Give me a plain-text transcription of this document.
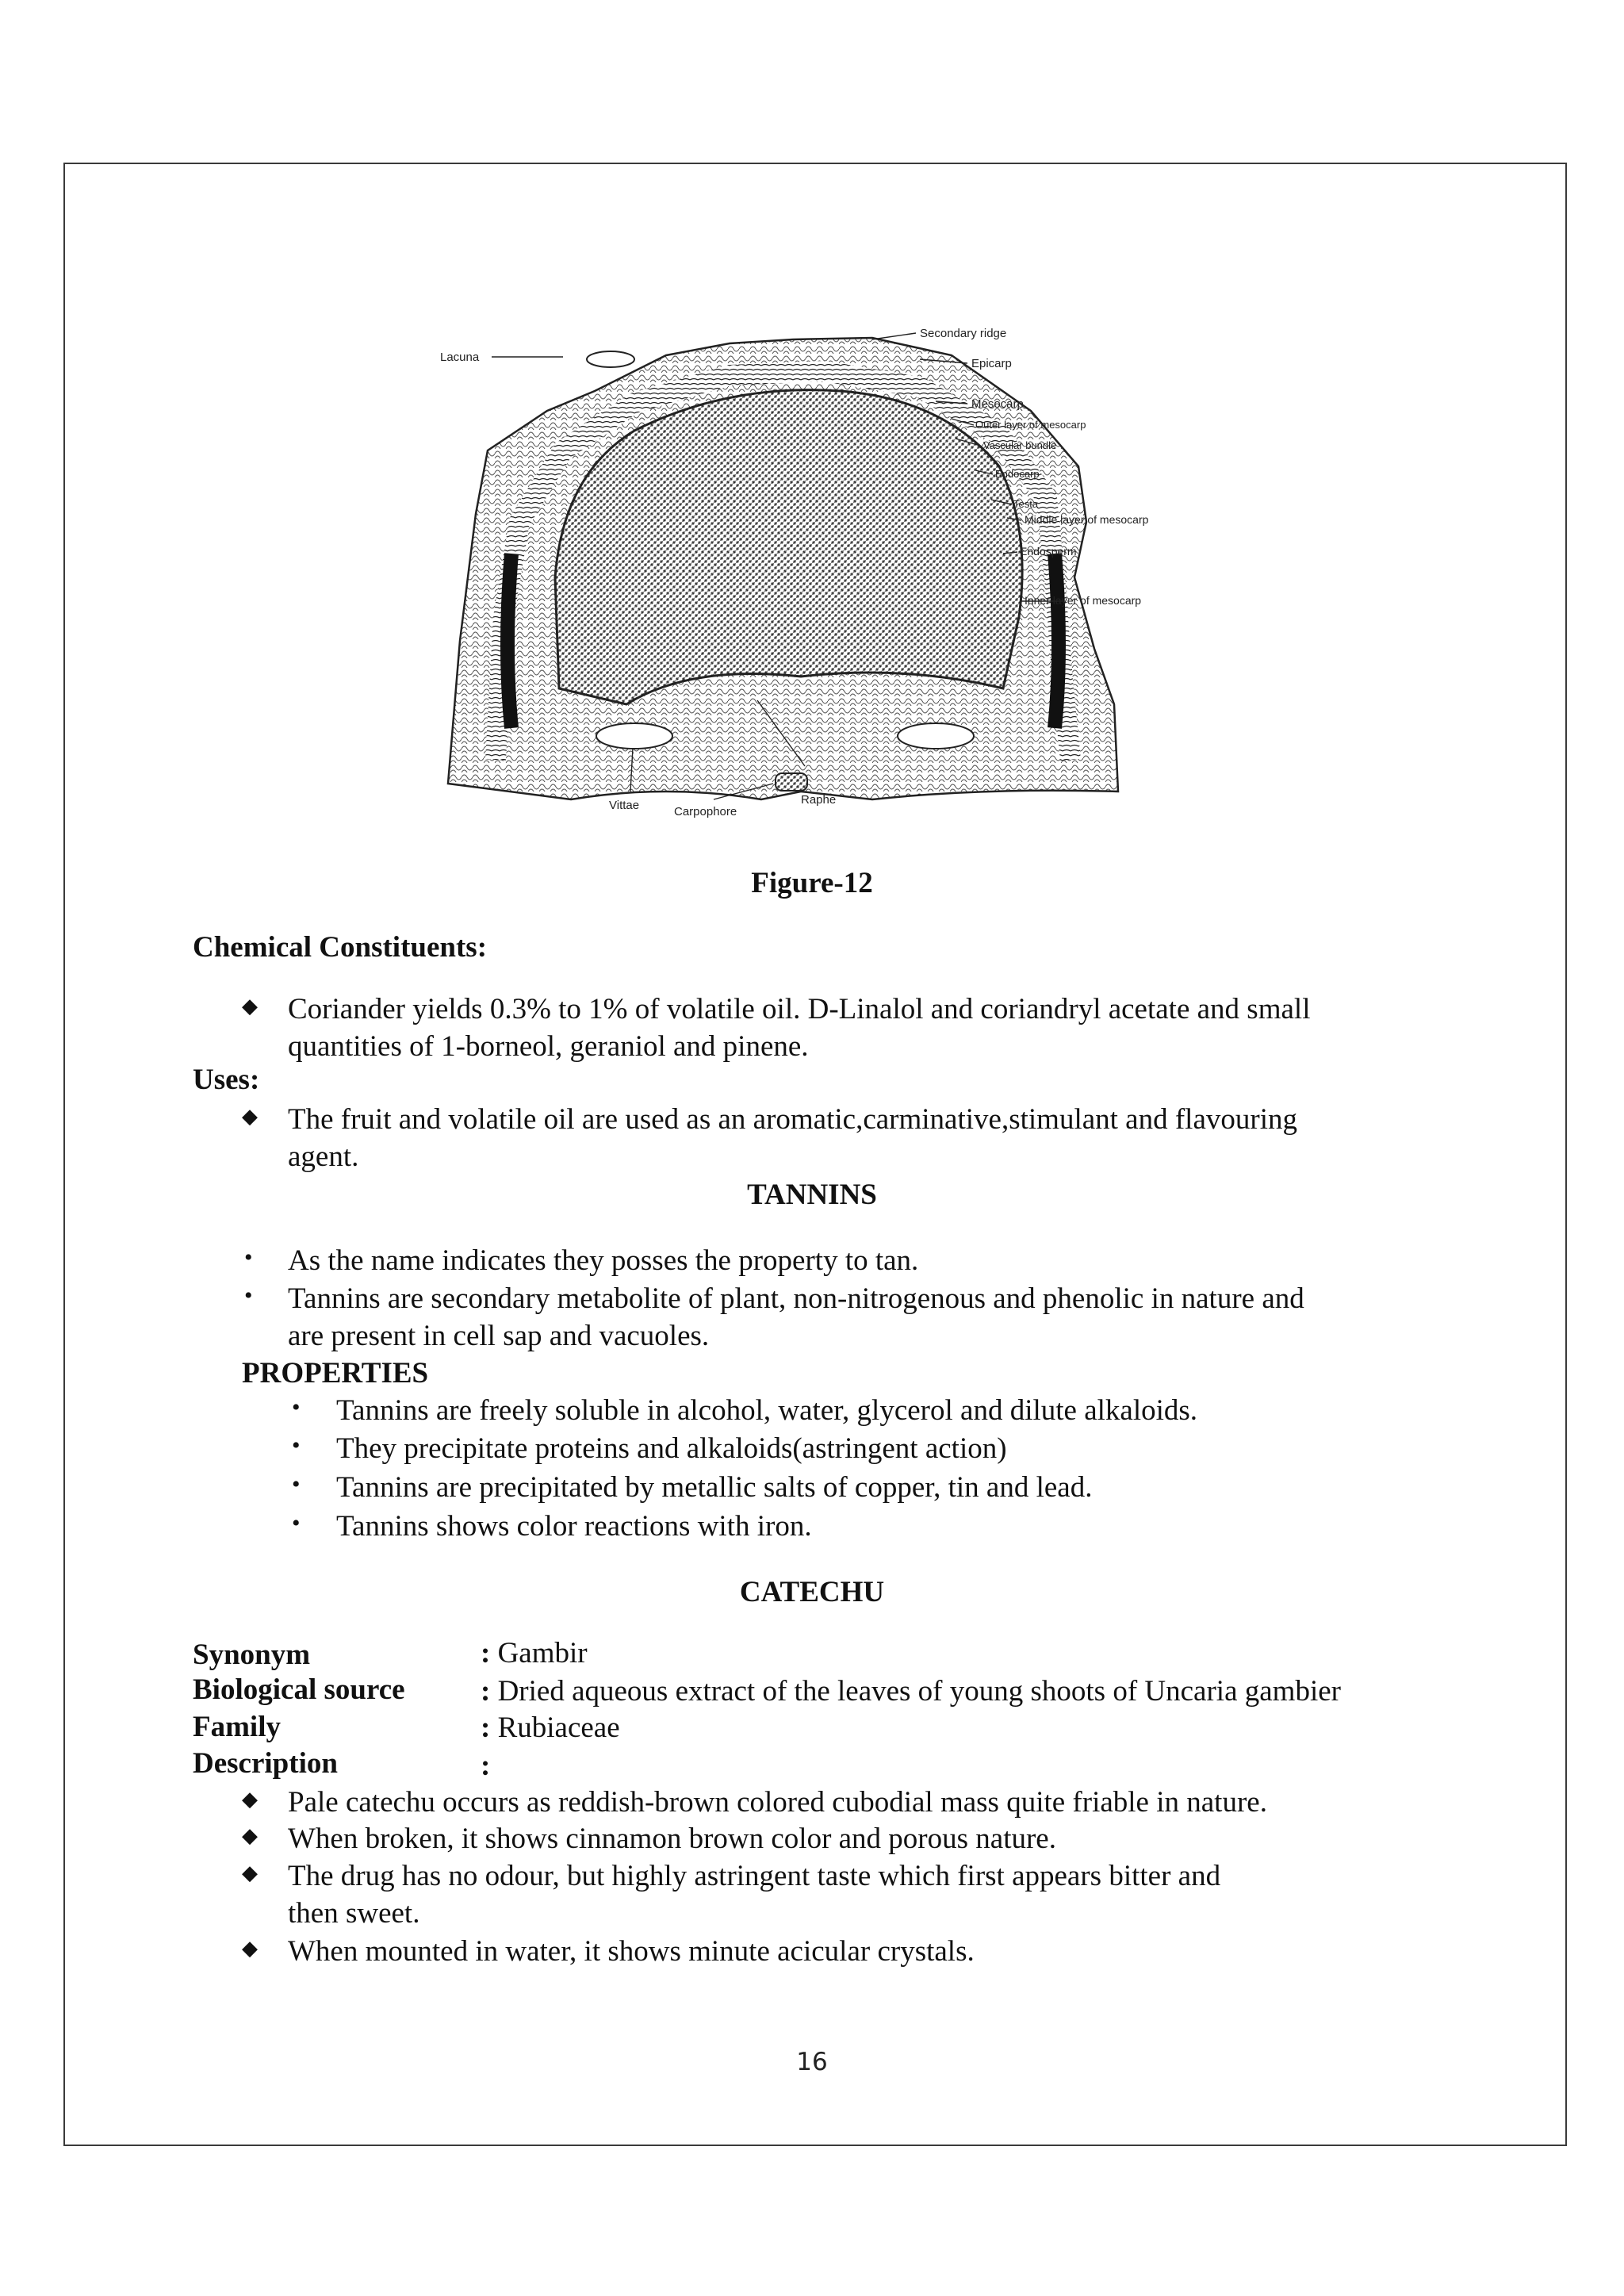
Lacuna
Secondary ridge
Epicarp
Mesocarp
Outer layer of mesocarp
Vascular bundle
Endocarp
Testa
Middle layer of mesocarp
Endosperm
Inner layer of mesocarp
Vittae	Carpophore
Raphe
Figure-12
Chemical Constituents:
◆ Coriander yields 0.3% to 1% of volatile oil. D-Linalol and coriandryl acetate and small
quantities of 1-borneol, geraniol and pinene.
Uses:
◆ The fruit and volatile oil are used as an aromatic,carminative,stimulant and flavouring
agent.
TANNINS
• As the name indicates they posses the property to tan.
• Tannins are secondary metabolite of plant, non-nitrogenous and phenolic in nature and
are present in cell sap and vacuoles.
PROPERTIES
• Tannins are freely soluble in alcohol, water, glycerol and dilute alkaloids.
• They precipitate proteins and alkaloids(astringent action)
• Tannins are precipitated by metallic salts of copper, tin and lead.
• Tannins shows color reactions with iron.
CATECHU
Synonym	: Gambir
Biological source	: Dried aqueous extract of the leaves of young shoots of Uncaria gambier
Family	: Rubiaceae
Description	:
◆ Pale catechu occurs as reddish-brown colored cubodial mass quite friable in nature.
◆ When broken, it shows cinnamon brown color and porous nature.
◆ The drug has no odour, but highly astringent taste which first appears bitter and
then sweet.
◆ When mounted in water, it shows minute acicular crystals.
16
